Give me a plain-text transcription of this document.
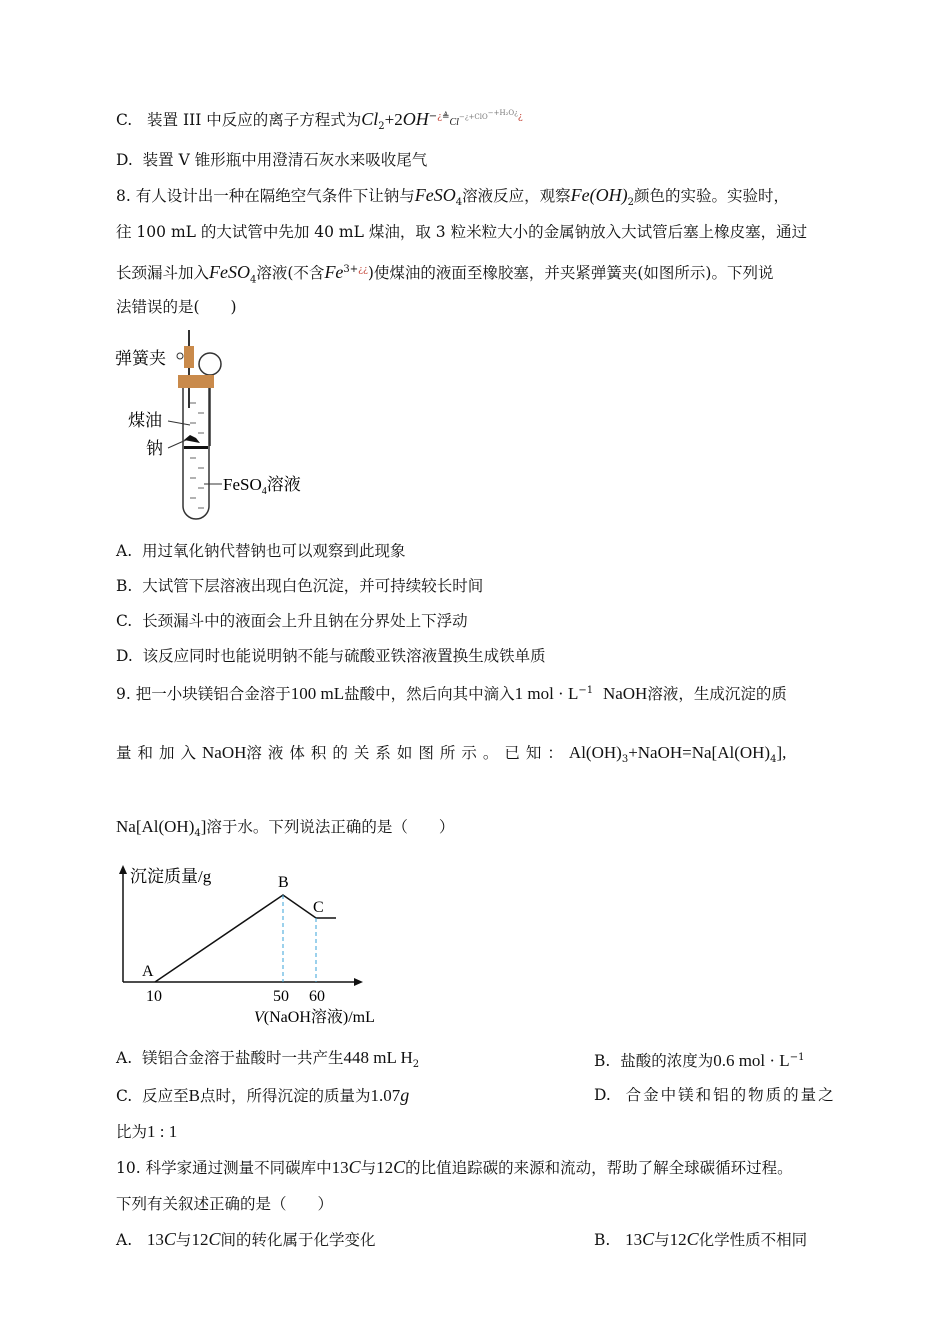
C. 装置 III 中反应的离子方程式为$Cl_2+2OH^{-¿≜}Cl^{-¿+ClO-+H_2O¿¿}$
D. 装置 V 锥形瓶中用澄清石灰水来吸收尾气
8. 有人设计出一种在隔绝空气条件下让钠与FeSO$_4$溶液反应，观察$Fe(OH)_2$颜色的实验。实验时，
往 100 mL 的大试管中先加 40 mL 煤油，取 3 粒米粒大小的金属钠放入大试管后塞上橡皮塞，通过
长颈漏斗加入FeSO$_4$溶液(不含$Fe^{3+¿¿}$)使煤油的液面至橡胶塞，并夹紧弹簧夹(如图所示)。下列说
法错误的是(　　)
弹簧夹
煤油
钠
FeSO$_4$溶液
A. 用过氧化钠代替钠也可以观察到此现象
B. 大试管下层溶液出现白色沉淀，并可持续较长时间
C. 长颈漏斗中的液面会上升且钠在分界处上下浮动
D. 该反应同时也能说明钠不能与硫酸亚铁溶液置换生成铁单质
9. 把一小块镁铝合金溶于100 mL盐酸中，然后向其中滴入1 mol · $L^{-1}$ NaOH溶液，生成沉淀的质
量和加入NaOH溶液体积的关系如图所示。已知：$Al(OH)_3+NaOH=Na[Al(OH)_4]$,
$Na[Al(OH)_4]$溶于水。下列说法正确的是（　　）
沉淀质量/g
A
B
C
10	50 60
V(NaOH溶液)/mL
A. 镁铝合金溶于盐酸时一共产生448 mL $H_2$	B. 盐酸的浓度为0.6 mol · $L^{-1}$
C. 反应至B点时，所得沉淀的质量为1.07g	D. 合金中镁和铝的物质的量之
比为1 : 1
10. 科学家通过测量不同碳库中13C与12C的比值追踪碳的来源和流动，帮助了解全球碳循环过程。
下列有关叙述正确的是（　　）
A. 13C与12C间的转化属于化学变化	B. 13C与12C化学性质不相同
